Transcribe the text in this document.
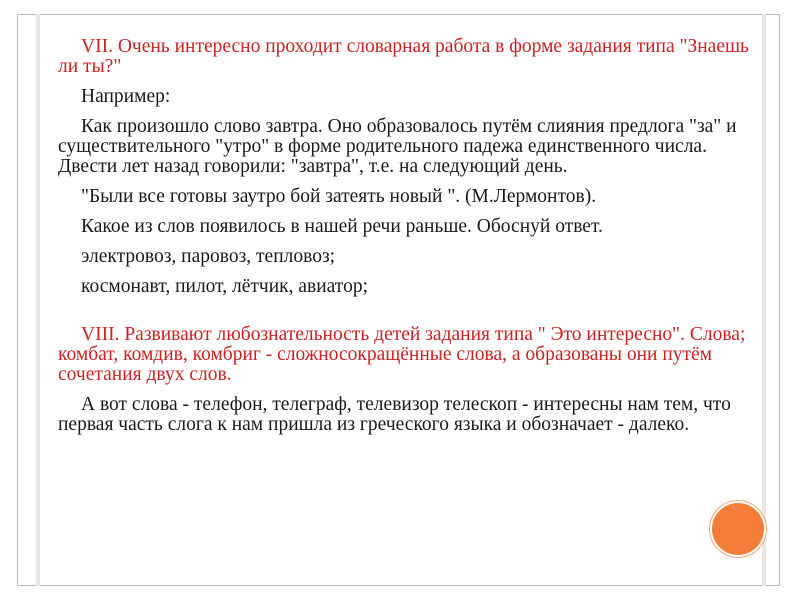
VII. Очень интересно проходит словарная работа в форме задания типа "Знаешь ли ты?"

Например:

Как произошло слово завтра. Оно образовалось путём слияния предлога "за" и существительного "утро" в форме родительного падежа единственного числа. Двести лет назад говорили: "завтра", т.е. на следующий день.

"Были все готовы заутро бой затеять новый ". (М.Лермонтов).

Какое из слов появилось в нашей речи раньше. Обоснуй ответ.

электровоз, паровоз, тепловоз;

космонавт, пилот, лётчик, авиатор;

VIII. Развивают любознательность детей задания типа " Это интересно". Слова; комбат, комдив, комбриг - сложносокращённые слова, а образованы они путём сочетания двух слов.

А вот слова - телефон, телеграф, телевизор телескоп - интересны нам тем, что первая часть слога к нам пришла из греческого языка и обозначает - далеко.
